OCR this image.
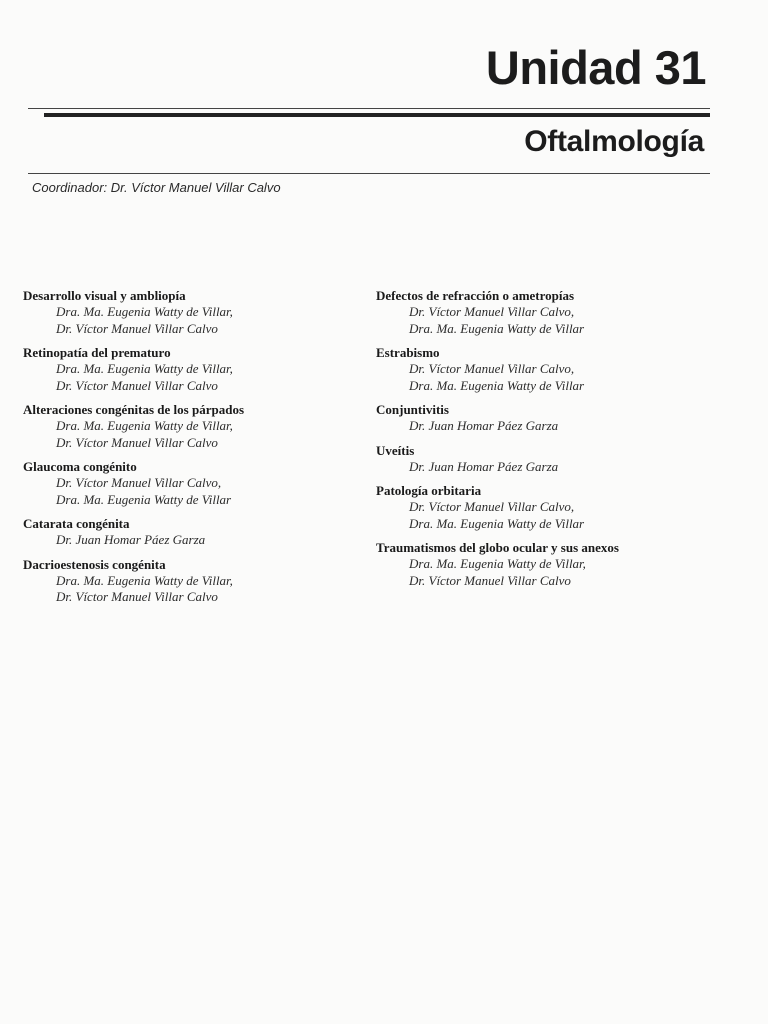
Unidad 31
Oftalmología
Coordinador: Dr. Víctor Manuel Villar Calvo
Desarrollo visual y ambliopía
Dra. Ma. Eugenia Watty de Villar,
Dr. Víctor Manuel Villar Calvo
Retinopatía del prematuro
Dra. Ma. Eugenia Watty de Villar,
Dr. Víctor Manuel Villar Calvo
Alteraciones congénitas de los párpados
Dra. Ma. Eugenia Watty de Villar,
Dr. Víctor Manuel Villar Calvo
Glaucoma congénito
Dr. Víctor Manuel Villar Calvo,
Dra. Ma. Eugenia Watty de Villar
Catarata congénita
Dr. Juan Homar Páez Garza
Dacrioestenosis congénita
Dra. Ma. Eugenia Watty de Villar,
Dr. Víctor Manuel Villar Calvo
Defectos de refracción o ametropías
Dr. Víctor Manuel Villar Calvo,
Dra. Ma. Eugenia Watty de Villar
Estrabismo
Dr. Víctor Manuel Villar Calvo,
Dra. Ma. Eugenia Watty de Villar
Conjuntivitis
Dr. Juan Homar Páez Garza
Uveítis
Dr. Juan Homar Páez Garza
Patología orbitaria
Dr. Víctor Manuel Villar Calvo,
Dra. Ma. Eugenia Watty de Villar
Traumatismos del globo ocular y sus anexos
Dra. Ma. Eugenia Watty de Villar,
Dr. Víctor Manuel Villar Calvo
